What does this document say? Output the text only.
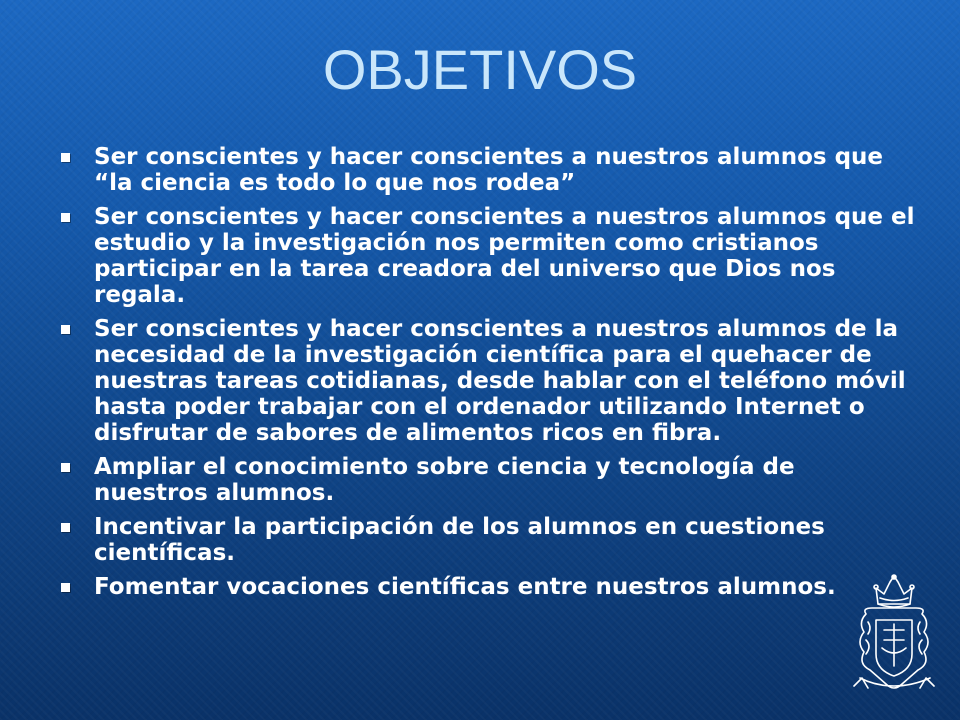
OBJETIVOS
Ser conscientes y hacer conscientes a nuestros alumnos que “la ciencia es todo lo que nos rodea”
Ser conscientes y hacer conscientes a nuestros alumnos que el estudio y la investigación nos permiten como cristianos participar en la tarea creadora del universo que Dios nos regala.
Ser conscientes y hacer conscientes a nuestros alumnos de la necesidad de la investigación científica para el quehacer de nuestras tareas cotidianas, desde hablar con el teléfono móvil hasta poder trabajar con el ordenador utilizando Internet o disfrutar de sabores de alimentos ricos en fibra.
Ampliar el conocimiento sobre ciencia y tecnología de nuestros alumnos.
Incentivar la participación de los alumnos en cuestiones científicas.
Fomentar vocaciones científicas entre nuestros alumnos.
